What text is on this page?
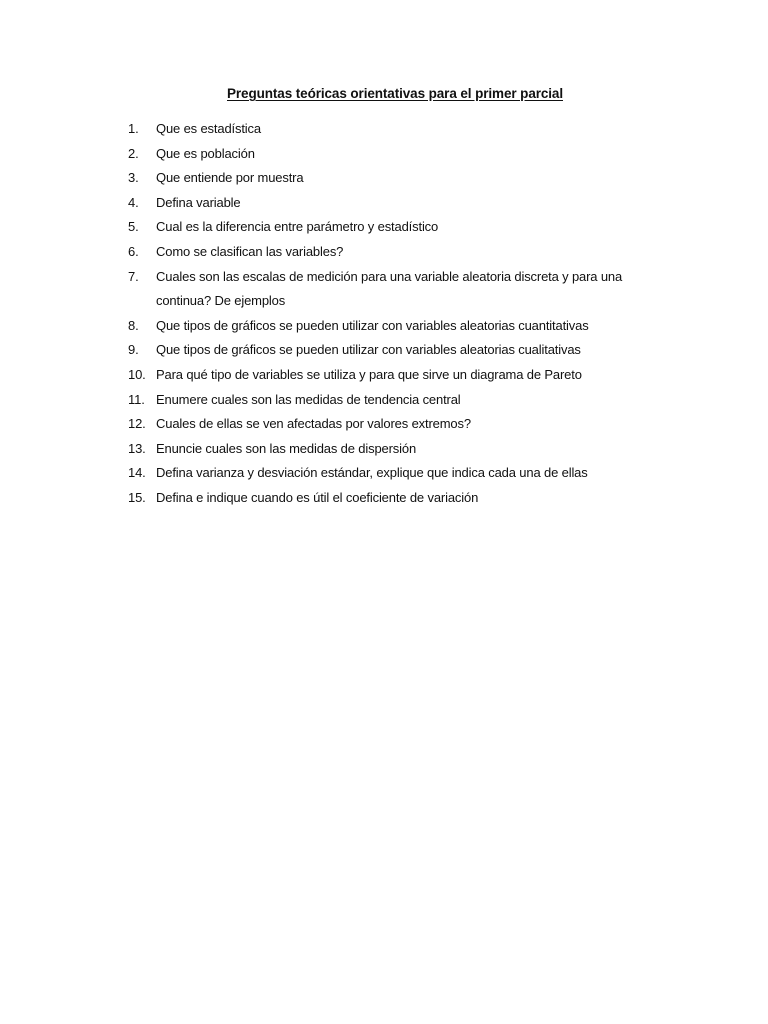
Preguntas teóricas orientativas para el primer parcial
1.	Que es estadística
2.	Que es población
3.	Que entiende por muestra
4.	Defina variable
5.	Cual es la diferencia entre parámetro y estadístico
6.	Como se clasifican las variables?
7.	Cuales son las escalas de medición para una variable aleatoria discreta y para una continua? De ejemplos
8.	Que tipos de gráficos se pueden utilizar con variables aleatorias cuantitativas
9.	Que tipos de gráficos se pueden utilizar con variables aleatorias cualitativas
10. Para qué tipo de variables se utiliza y para que sirve un diagrama de Pareto
11. Enumere cuales son las medidas de tendencia central
12. Cuales de ellas se ven afectadas por valores extremos?
13. Enuncie cuales son las medidas de dispersión
14. Defina varianza y desviación estándar, explique que indica cada una de ellas
15. Defina e indique cuando es útil el coeficiente de variación
